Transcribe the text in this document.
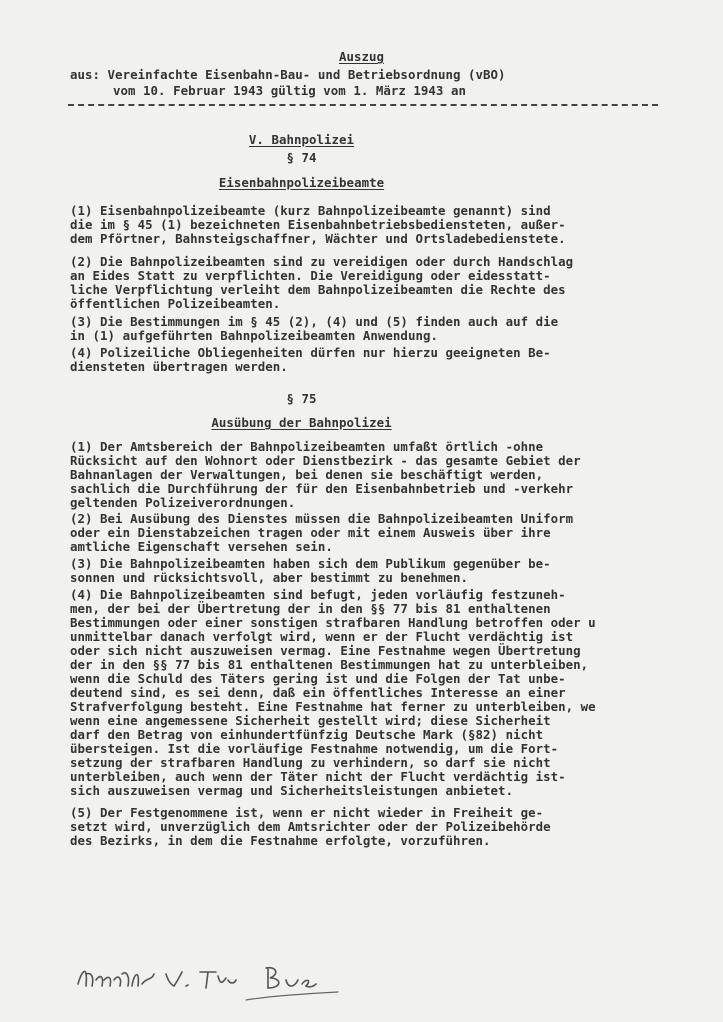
Auszug
aus: Vereinfachte Eisenbahn-Bau- und Betriebsordnung (vBO)
vom 10. Februar 1943 gültig vom 1. März 1943 an
V. Bahnpolizei
§ 74
Eisenbahnpolizeibeamte
(1) Eisenbahnpolizeibeamte (kurz Bahnpolizeibeamte genannt) sind
die im § 45 (1) bezeichneten Eisenbahnbetriebsbediensteten, außer-
dem Pförtner, Bahnsteigschaffner, Wächter und Ortsladebedienstete.
(2) Die Bahnpolizeibeamten sind zu vereidigen oder durch Handschlag
an Eides Statt zu verpflichten. Die Vereidigung oder eidesstatt-
liche Verpflichtung verleiht dem Bahnpolizeibeamten die Rechte des
öffentlichen Polizeibeamten.
(3) Die Bestimmungen im § 45 (2), (4) und (5) finden auch auf die
in (1) aufgeführten Bahnpolizeibeamten Anwendung.
(4) Polizeiliche Obliegenheiten dürfen nur hierzu geeigneten Be-
diensteten übertragen werden.
§ 75
Ausübung der Bahnpolizei
(1) Der Amtsbereich der Bahnpolizeibeamten umfaßt örtlich -ohne
Rücksicht auf den Wohnort oder Dienstbezirk - das gesamte Gebiet der
Bahnanlagen der Verwaltungen, bei denen sie beschäftigt werden,
sachlich die Durchführung der für den Eisenbahnbetrieb und -verkehr
geltenden Polizeiverordnungen.
(2) Bei Ausübung des Dienstes müssen die Bahnpolizeibeamten Uniform
oder ein Dienstabzeichen tragen oder mit einem Ausweis über ihre
amtliche Eigenschaft versehen sein.
(3) Die Bahnpolizeibeamten haben sich dem Publikum gegenüber be-
sonnen und rücksichtsvoll, aber bestimmt zu benehmen.
(4) Die Bahnpolizeibeamten sind befugt, jeden vorläufig festzuneh-
men, der bei der Übertretung der in den §§ 77 bis 81 enthaltenen
Bestimmungen oder einer sonstigen strafbaren Handlung betroffen oder u
unmittelbar danach verfolgt wird, wenn er der Flucht verdächtig ist
oder sich nicht auszuweisen vermag. Eine Festnahme wegen Übertretung
der in den §§ 77 bis 81 enthaltenen Bestimmungen hat zu unterbleiben,
wenn die Schuld des Täters gering ist und die Folgen der Tat unbe-
deutend sind, es sei denn, daß ein öffentliches Interesse an einer
Strafverfolgung besteht. Eine Festnahme hat ferner zu unterbleiben, we
wenn eine angemessene Sicherheit gestellt wird; diese Sicherheit
darf den Betrag von einhundertfünfzig Deutsche Mark (§82) nicht
übersteigen. Ist die vorläufige Festnahme notwendig, um die Fort-
setzung der strafbaren Handlung zu verhindern, so darf sie nicht
unterbleiben, auch wenn der Täter nicht der Flucht verdächtig ist-
sich auszuweisen vermag und Sicherheitsleistungen anbietet.
(5) Der Festgenommene ist, wenn er nicht wieder in Freiheit ge-
setzt wird, unverzüglich dem Amtsrichter oder der Polizeibehörde
des Bezirks, in dem die Festnahme erfolgte, vorzuführen.
